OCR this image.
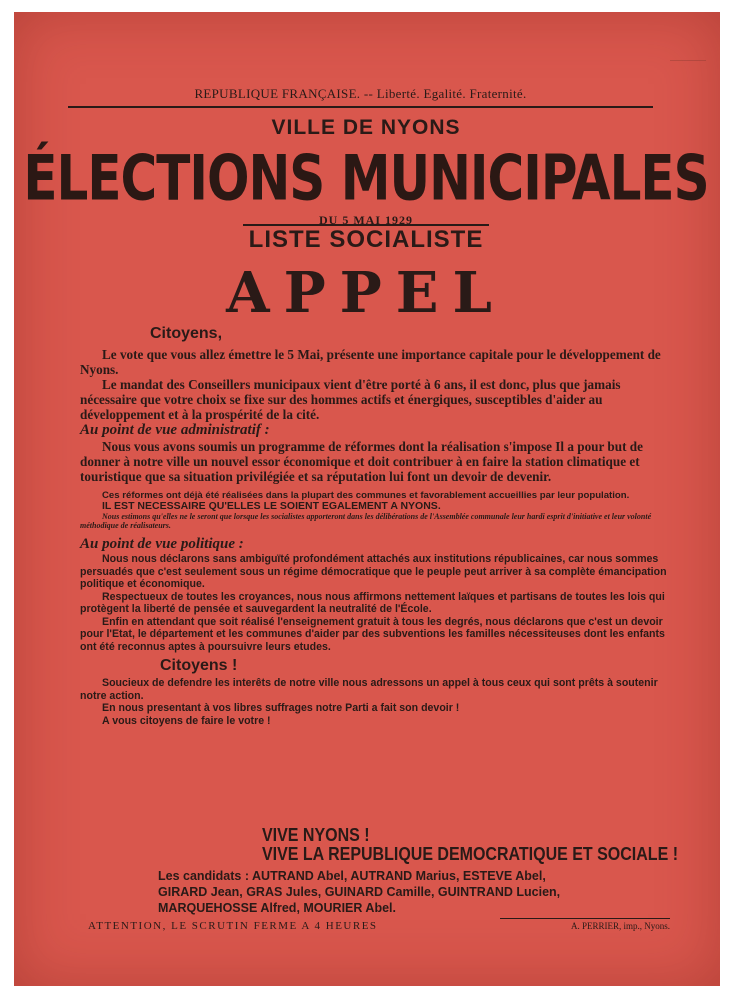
REPUBLIQUE FRANÇAISE. -- Liberté. Egalité. Fraternité.
VILLE DE NYONS
ÉLECTIONS MUNICIPALES
DU 5 MAI 1929
LISTE SOCIALISTE
APPEL
Citoyens,
Le vote que vous allez émettre le 5 Mai, présente une importance capitale pour le développement de Nyons.
Le mandat des Conseillers municipaux vient d'être porté à 6 ans, il est donc, plus que jamais nécessaire que votre choix se fixe sur des hommes actifs et énergiques, susceptibles d'aider au développement et à la prospérité de la cité.
Au point de vue administratif :
Nous vous avons soumis un programme de réformes dont la réalisation s'impose Il a pour but de donner à notre ville un nouvel essor économique et doit contribuer à en faire la station climatique et touristique que sa situation privilégiée et sa réputation lui font un devoir de devenir.
Ces réformes ont déjà été réalisées dans la plupart des communes et favorablement accueillies par leur population.
IL EST NECESSAIRE QU'ELLES LE SOIENT EGALEMENT A NYONS.
Nous estimons qu'elles ne le seront que lorsque les socialistes apporteront dans les délibérations de l'Assemblée communale leur hardi esprit d'initiative et leur volonté méthodique de réalisateurs.
Au point de vue politique :
Nous nous déclarons sans ambiguïté profondément attachés aux institutions républicaines, car nous sommes persuadés que c'est seulement sous un régime démocratique que le peuple peut arriver à sa complète émancipation politique et économique.
Respectueux de toutes les croyances, nous nous affirmons nettement laïques et partisans de toutes les lois qui protègent la liberté de pensée et sauvegardent la neutralité de l'École.
Enfin en attendant que soit réalisé l'enseignement gratuit à tous les degrés, nous déclarons que c'est un devoir pour l'Etat, le département et les communes d'aider par des subventions les familles nécessiteuses dont les enfants ont été reconnus aptes à poursuivre leurs etudes.
Citoyens !
Soucieux de defendre les interêts de notre ville nous adressons un appel à tous ceux qui sont prêts à soutenir notre action.
En nous presentant à vos libres suffrages notre Parti a fait son devoir !
A vous citoyens de faire le votre !
VIVE NYONS !
VIVE LA REPUBLIQUE DEMOCRATIQUE ET SOCIALE !
Les candidats : AUTRAND Abel, AUTRAND Marius, ESTEVE Abel,
GIRARD Jean, GRAS Jules, GUINARD Camille, GUINTRAND Lucien,
MARQUEHOSSE Alfred, MOURIER Abel.
ATTENTION, LE SCRUTIN FERME A 4 HEURES	A. PERRIER, imp., Nyons.
